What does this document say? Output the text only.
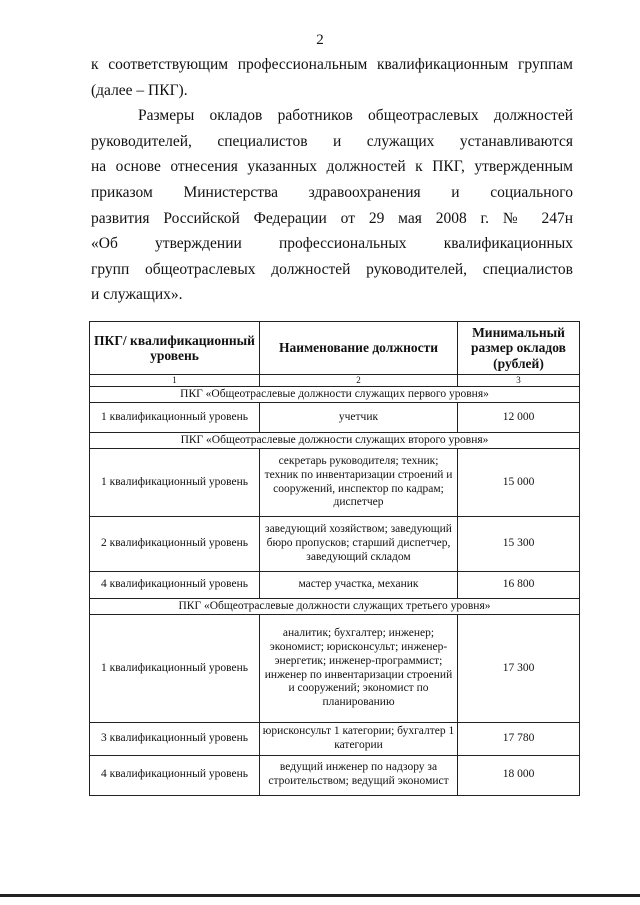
2

к соответствующим профессиональным квалификационным группам

(далее – ПКГ).

Размеры окладов работников общеотраслевых должностей

руководителей, специалистов и служащих устанавливаются

на основе отнесения указанных должностей к ПКГ, утвержденным

приказом Министерства здравоохранения и социального

развития Российской Федерации от 29 мая 2008 г. № 247н

«Об утверждении профессиональных квалификационных

групп общеотраслевых должностей руководителей, специалистов

и служащих».

ПКГ/ квалификационный уровень	Наименование должности	Минимальный размер окладов (рублей)
1	2	3
ПКГ «Общеотраслевые должности служащих первого уровня»		
1 квалификационный уровень	учетчик	12 000
ПКГ «Общеотраслевые должности служащих второго уровня»		
1 квалификационный уровень	секретарь руководителя; техник; техник по инвентаризации строений и сооружений, инспектор по кадрам; диспетчер	15 000
2 квалификационный уровень	заведующий хозяйством; заведующий бюро пропусков; старший диспетчер, заведующий складом	15 300
4 квалификационный уровень	мастер участка, механик	16 800
ПКГ «Общеотраслевые должности служащих третьего уровня»		
1 квалификационный уровень	аналитик; бухгалтер; инженер; экономист; юрисконсульт; инженер-энергетик; инженер-программист; инженер по инвентаризации строений и сооружений; экономист по планированию	17 300
3 квалификационный уровень	юрисконсульт 1 категории; бухгалтер 1 категории	17 780
4 квалификационный уровень	ведущий инженер по надзору за строительством; ведущий экономист	18 000
